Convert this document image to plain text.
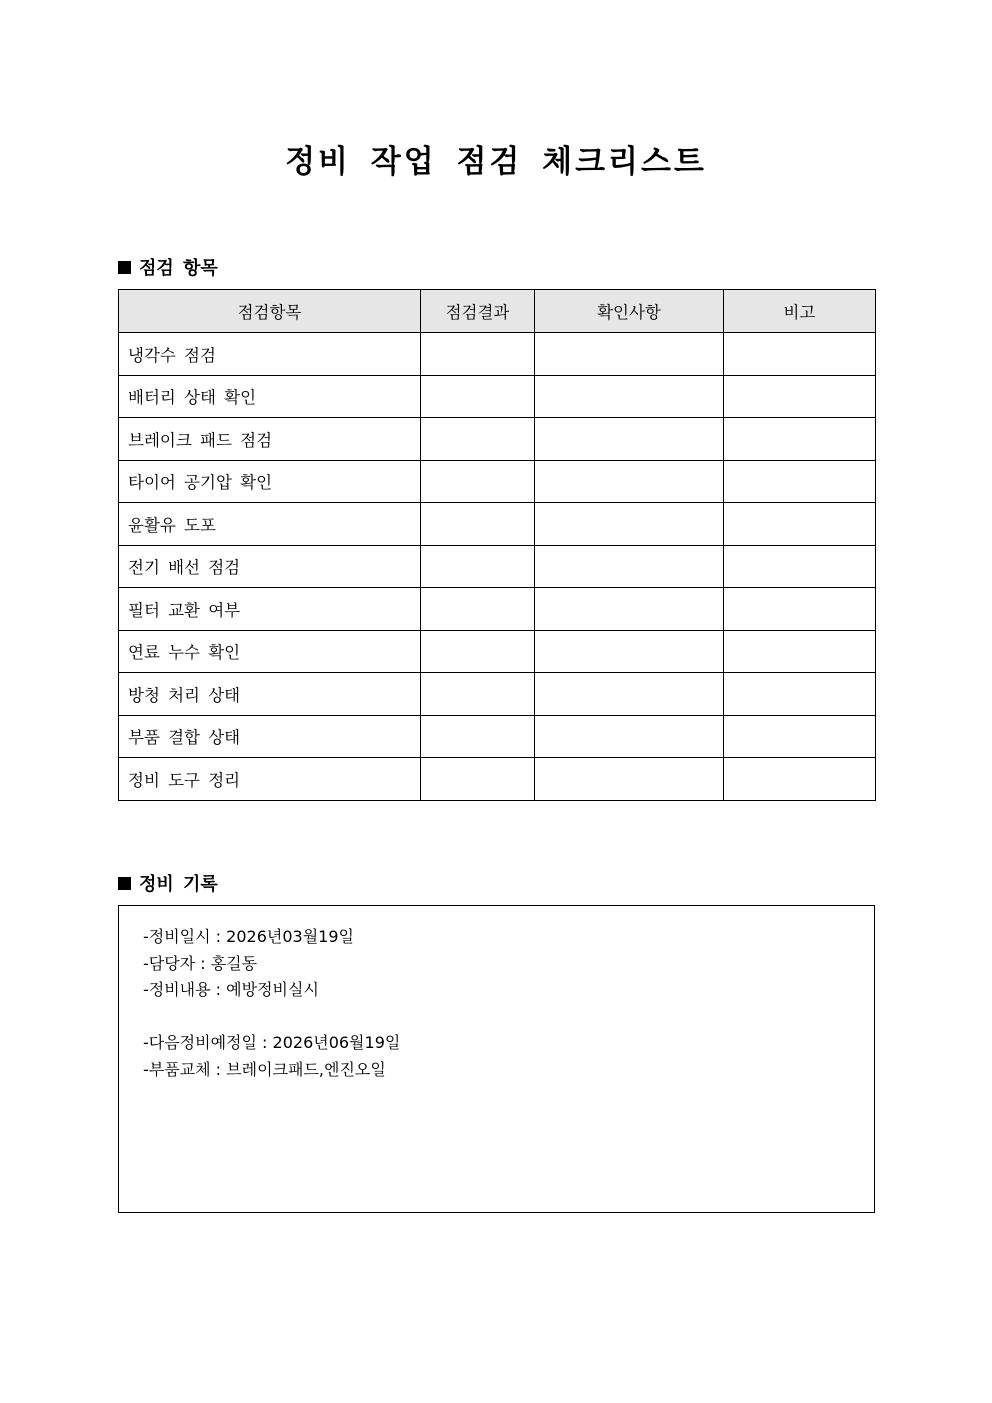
정비 작업 점검 체크리스트
점검 항목
점검항목	점검결과	확인사항	비고
냉각수 점검			
배터리 상태 확인			
브레이크 패드 점검			
타이어 공기압 확인			
윤활유 도포			
전기 배선 점검			
필터 교환 여부			
연료 누수 확인			
방청 처리 상태			
부품 결합 상태			
정비 도구 정리			
정비 기록
-정비일시 : 2026년03월19일
-담당자 : 홍길동
-정비내용 : 예방정비실시
-다음정비예정일 : 2026년06월19일
-부품교체 : 브레이크패드,엔진오일
